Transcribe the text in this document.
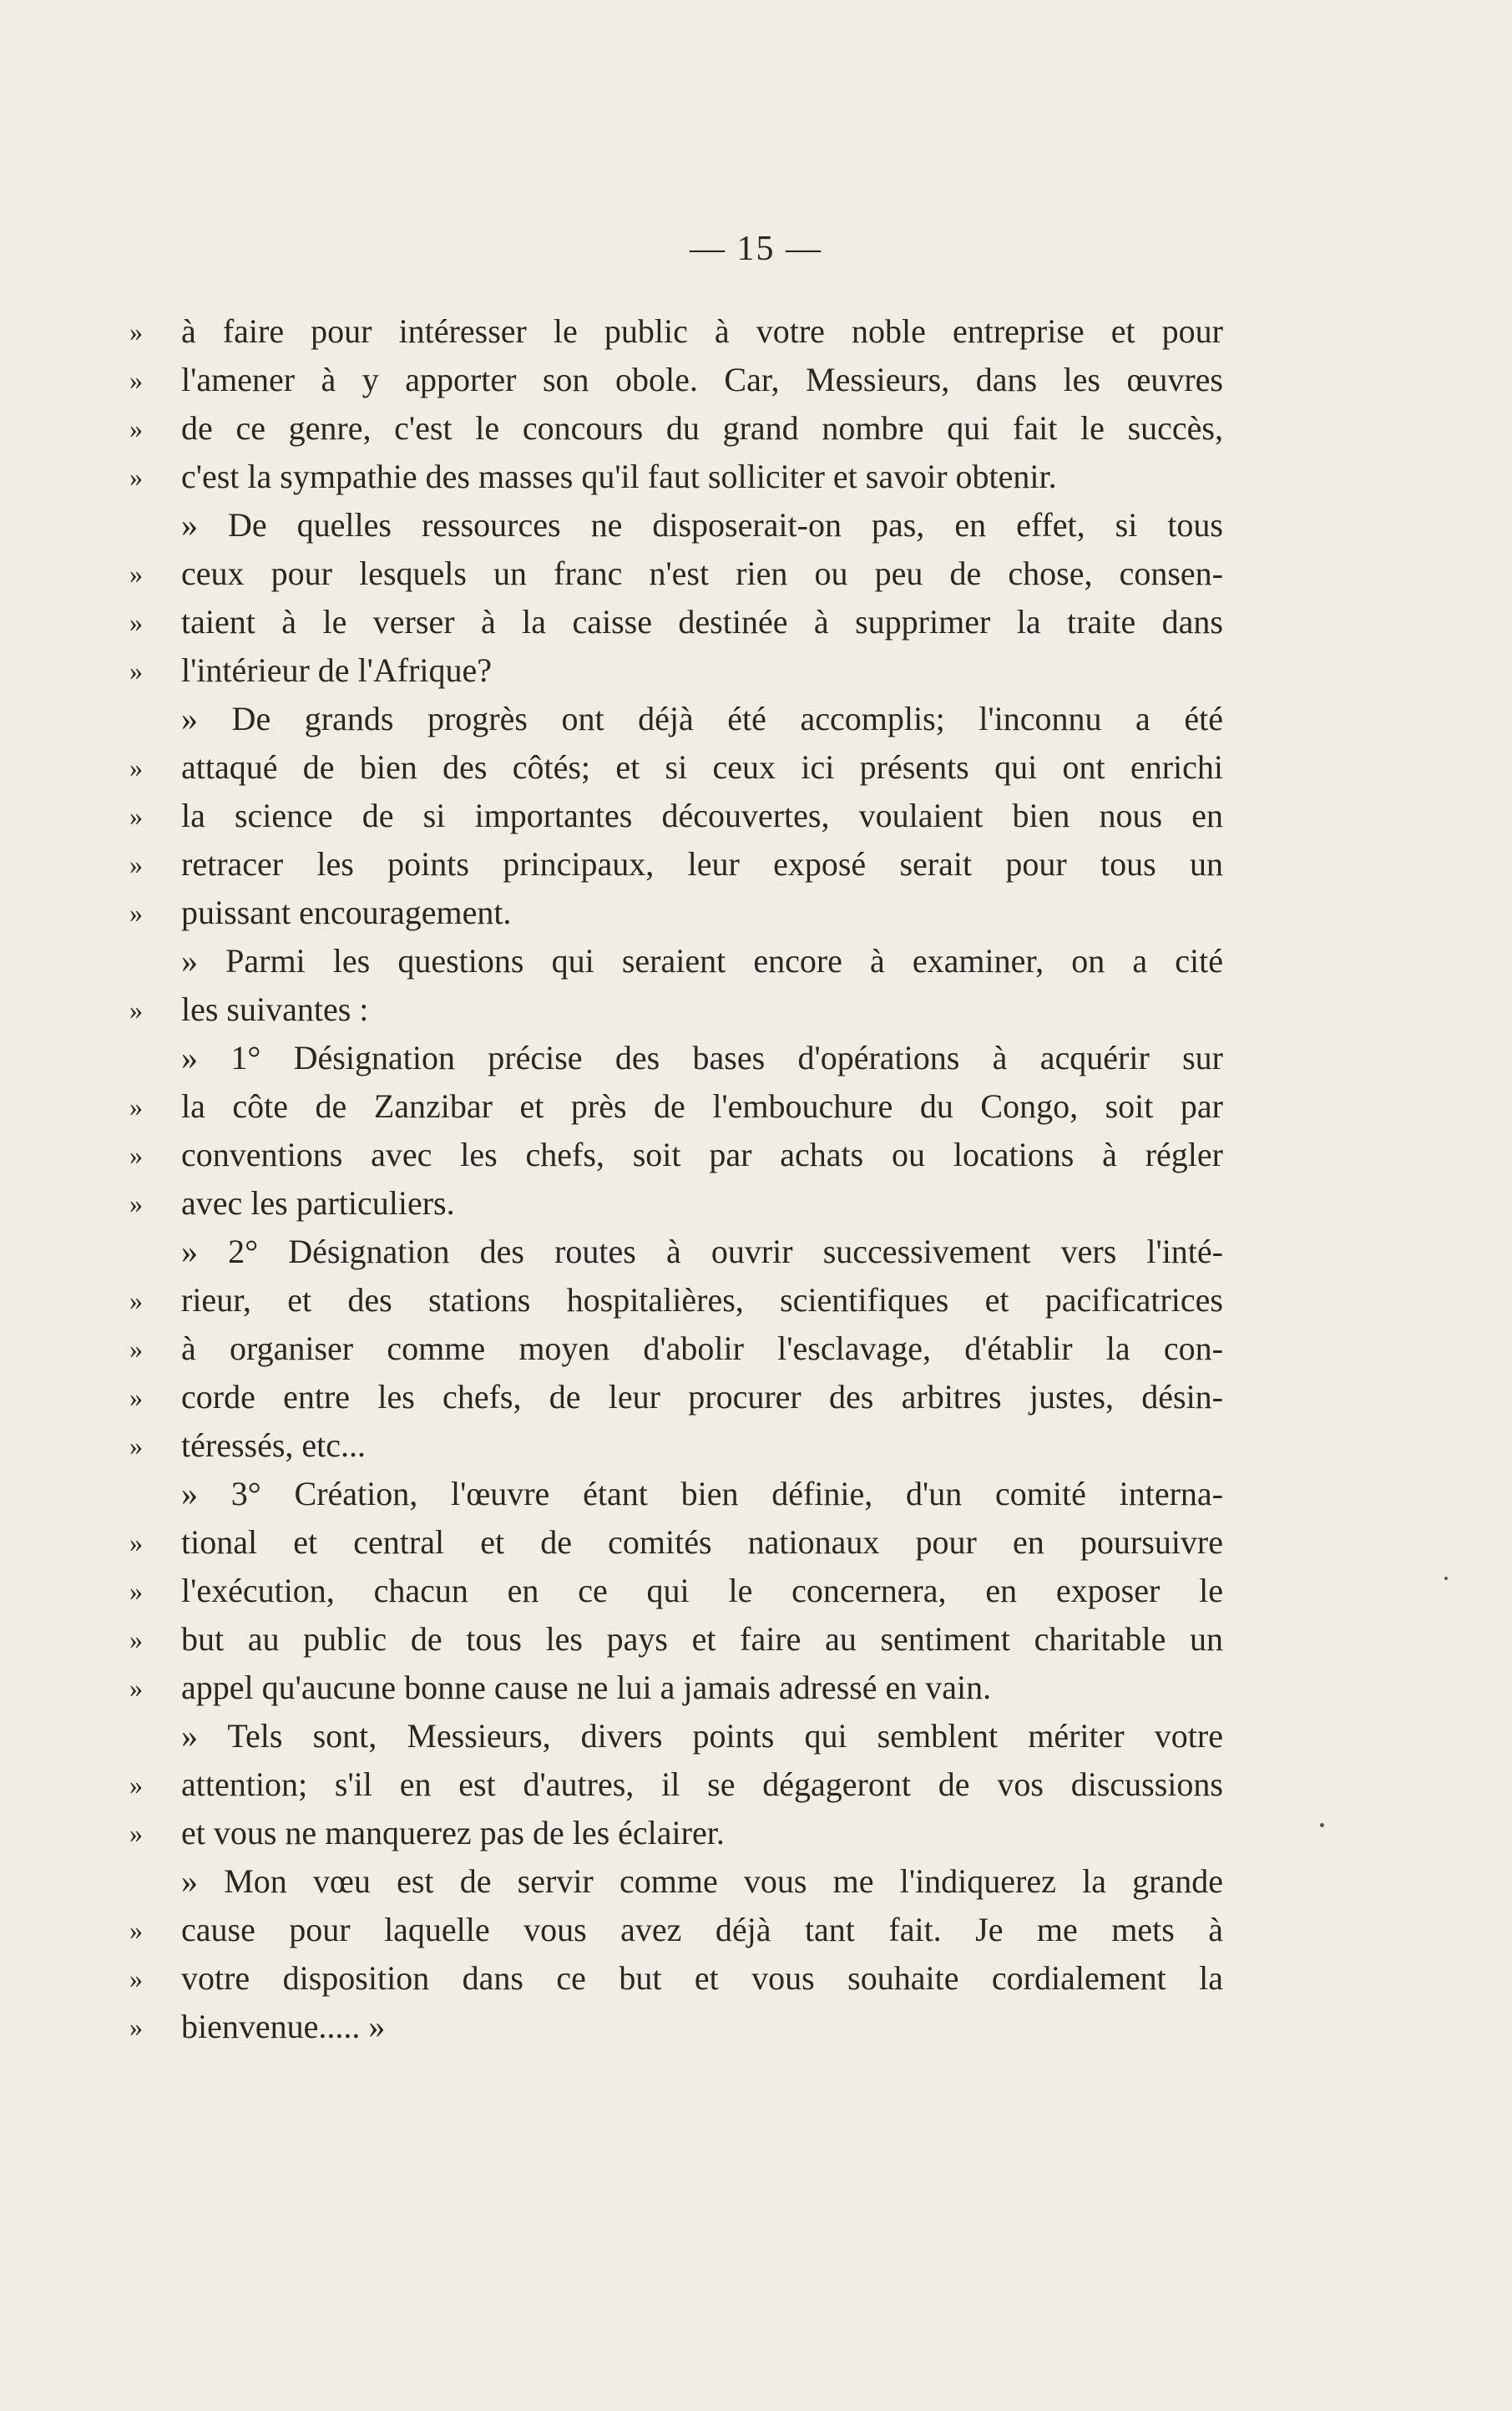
— 15 —
»	à faire pour intéresser le public à votre noble entreprise et pour
»	l'amener à y apporter son obole. Car, Messieurs, dans les œuvres
»	de ce genre, c'est le concours du grand nombre qui fait le succès,
»	c'est la sympathie des masses qu'il faut solliciter et savoir obtenir.
» De quelles ressources ne disposerait-on pas, en effet, si tous
»	ceux pour lesquels un franc n'est rien ou peu de chose, consen-
»	taient à le verser à la caisse destinée à supprimer la traite dans
»	l'intérieur de l'Afrique?
» De grands progrès ont déjà été accomplis; l'inconnu a été
»	attaqué de bien des côtés; et si ceux ici présents qui ont enrichi
»	la science de si importantes découvertes, voulaient bien nous en
»	retracer les points principaux, leur exposé serait pour tous un
»	puissant encouragement.
» Parmi les questions qui seraient encore à examiner, on a cité
»	les suivantes :
» 1° Désignation précise des bases d'opérations à acquérir sur
»	la côte de Zanzibar et près de l'embouchure du Congo, soit par
»	conventions avec les chefs, soit par achats ou locations à régler
»	avec les particuliers.
» 2° Désignation des routes à ouvrir successivement vers l'inté-
»	rieur, et des stations hospitalières, scientifiques et pacificatrices
»	à organiser comme moyen d'abolir l'esclavage, d'établir la con-
»	corde entre les chefs, de leur procurer des arbitres justes, désin-
»	téressés, etc...
» 3° Création, l'œuvre étant bien définie, d'un comité interna-
»	tional et central et de comités nationaux pour en poursuivre
»	l'exécution, chacun en ce qui le concernera, en exposer le
»	but au public de tous les pays et faire au sentiment charitable un
»	appel qu'aucune bonne cause ne lui a jamais adressé en vain.
» Tels sont, Messieurs, divers points qui semblent mériter votre
»	attention; s'il en est d'autres, il se dégageront de vos discussions
»	et vous ne manquerez pas de les éclairer.
» Mon vœu est de servir comme vous me l'indiquerez la grande
»	cause pour laquelle vous avez déjà tant fait. Je me mets à
»	votre disposition dans ce but et vous souhaite cordialement la
»	bienvenue..... »
